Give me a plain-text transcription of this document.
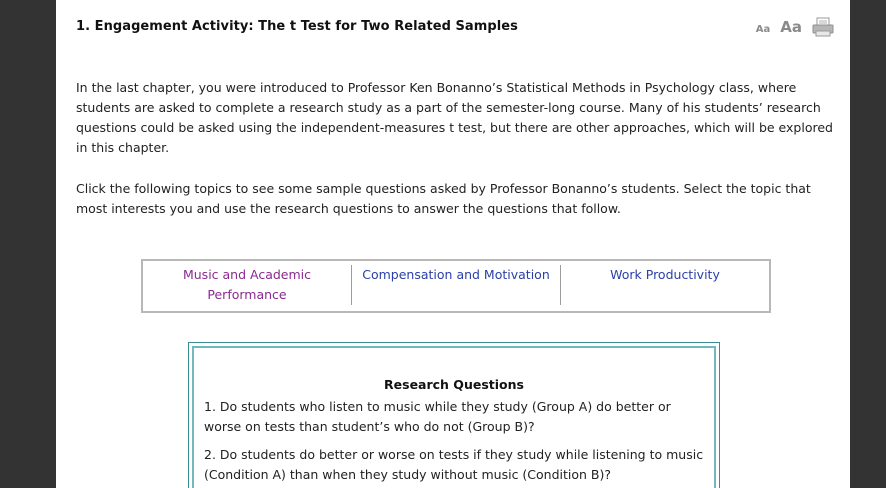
1. Engagement Activity: The t Test for Two Related Samples	Aa Aa
In the last chapter, you were introduced to Professor Ken Bonanno’s Statistical Methods in Psychology class, where students are asked to complete a research study as a part of the semester-long course. Many of his students’ research questions could be asked using the independent-measures t test, but there are other approaches, which will be explored in this chapter.
Click the following topics to see some sample questions asked by Professor Bonanno’s students. Select the topic that most interests you and use the research questions to answer the questions that follow.
Music and Academic Performance
Compensation and Motivation	Work Productivity
Research Questions
1. Do students who listen to music while they study (Group A) do better or worse on tests than student’s who do not (Group B)?
2. Do students do better or worse on tests if they study while listening to music (Condition A) than when they study without music (Condition B)?
